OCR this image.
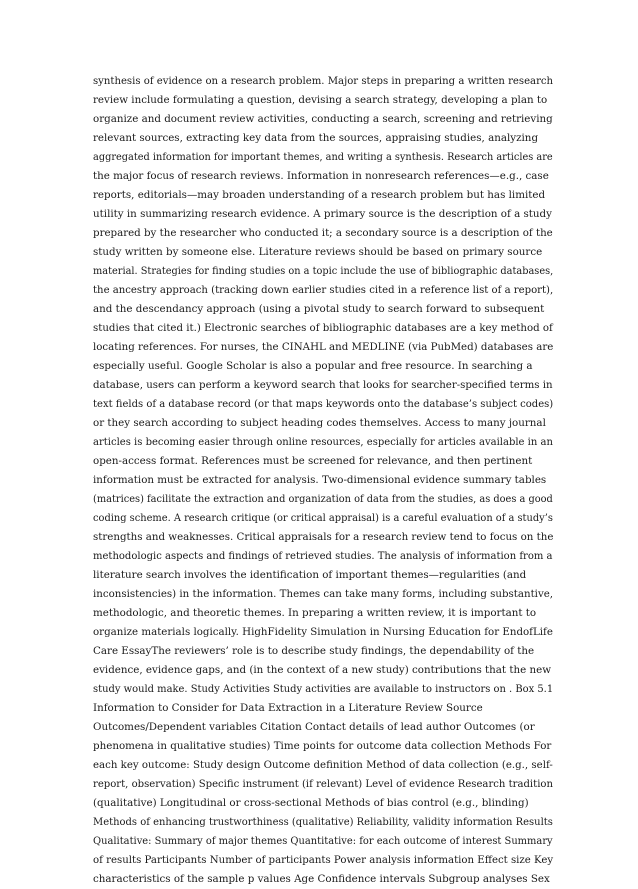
synthesis of evidence on a research problem. Major steps in preparing a written research
review include formulating a question, devising a search strategy, developing a plan to
organize and document review activities, conducting a search, screening and retrieving
relevant sources, extracting key data from the sources, appraising studies, analyzing
aggregated information for important themes, and writing a synthesis. Research articles are
the major focus of research reviews. Information in nonresearch references—e.g., case
reports, editorials—may broaden understanding of a research problem but has limited
utility in summarizing research evidence. A primary source is the description of a study
prepared by the researcher who conducted it; a secondary source is a description of the
study written by someone else. Literature reviews should be based on primary source
material. Strategies for finding studies on a topic include the use of bibliographic databases,
the ancestry approach (tracking down earlier studies cited in a reference list of a report),
and the descendancy approach (using a pivotal study to search forward to subsequent
studies that cited it.) Electronic searches of bibliographic databases are a key method of
locating references. For nurses, the CINAHL and MEDLINE (via PubMed) databases are
especially useful. Google Scholar is also a popular and free resource. In searching a
database, users can perform a keyword search that looks for searcher-specified terms in
text fields of a database record (or that maps keywords onto the database’s subject codes)
or they search according to subject heading codes themselves. Access to many journal
articles is becoming easier through online resources, especially for articles available in an
open-access format. References must be screened for relevance, and then pertinent
information must be extracted for analysis. Two-dimensional evidence summary tables
(matrices) facilitate the extraction and organization of data from the studies, as does a good
coding scheme. A research critique (or critical appraisal) is a careful evaluation of a study’s
strengths and weaknesses. Critical appraisals for a research review tend to focus on the
methodologic aspects and findings of retrieved studies. The analysis of information from a
literature search involves the identification of important themes—regularities (and
inconsistencies) in the information. Themes can take many forms, including substantive,
methodologic, and theoretic themes. In preparing a written review, it is important to
organize materials logically. HighFidelity Simulation in Nursing Education for EndofLife
Care EssayThe reviewers’ role is to describe study findings, the dependability of the
evidence, evidence gaps, and (in the context of a new study) contributions that the new
study would make. Study Activities Study activities are available to instructors on . Box 5.1
Information to Consider for Data Extraction in a Literature Review Source
Outcomes/Dependent variables Citation Contact details of lead author Outcomes (or
phenomena in qualitative studies) Time points for outcome data collection Methods For
each key outcome: Study design Outcome definition Method of data collection (e.g., self-
report, observation) Specific instrument (if relevant) Level of evidence Research tradition
(qualitative) Longitudinal or cross-sectional Methods of bias control (e.g., blinding)
Methods of enhancing trustworthiness (qualitative) Reliability, validity information Results
Qualitative: Summary of major themes Quantitative: for each outcome of interest Summary
of results Participants Number of participants Power analysis information Effect size Key
characteristics of the sample p values Age Confidence intervals Subgroup analyses Sex
